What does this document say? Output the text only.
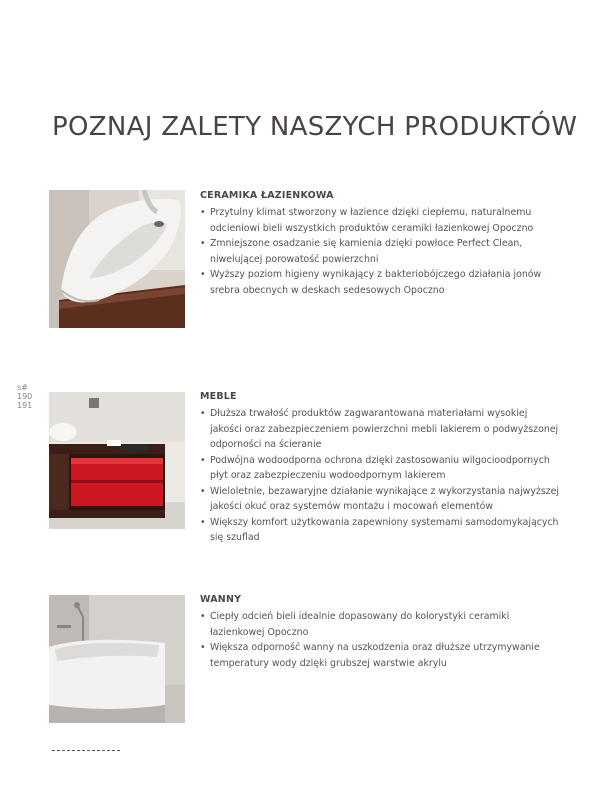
POZNAJ ZALETY NASZYCH PRODUKTÓW
s#
190
191
CERAMIKA ŁAZIENKOWA
• Przytulny klimat stworzony w łazience dzięki ciepłemu, naturalnemu odcieniowi bieli wszystkich produktów ceramiki łazienkowej Opoczno
• Zmniejszone osadzanie się kamienia dzięki powłoce Perfect Clean, niwelującej porowatość powierzchni
• Wyższy poziom higieny wynikający z bakteriobójczego działania jonów srebra obecnych w deskach sedesowych Opoczno
MEBLE
• Dłuższa trwałość produktów zagwarantowana materiałami wysokiej jakości oraz zabezpieczeniem powierzchni mebli lakierem o podwyższonej odporności na ścieranie
• Podwójna wodoodporna ochrona dzięki zastosowaniu wilgocioodpornych płyt oraz zabezpieczeniu wodoodpornym lakierem
• Wieloletnie, bezawaryjne działanie wynikające z wykorzystania najwyższej jakości okuć oraz systemów montażu i mocowań elementów
• Większy komfort użytkowania zapewniony systemami samodomykających się szuflad
WANNY
• Ciepły odcień bieli idealnie dopasowany do kolorystyki ceramiki łazienkowej Opoczno
• Większa odporność wanny na uszkodzenia oraz dłuższe utrzymywanie temperatury wody dzięki grubszej warstwie akrylu
